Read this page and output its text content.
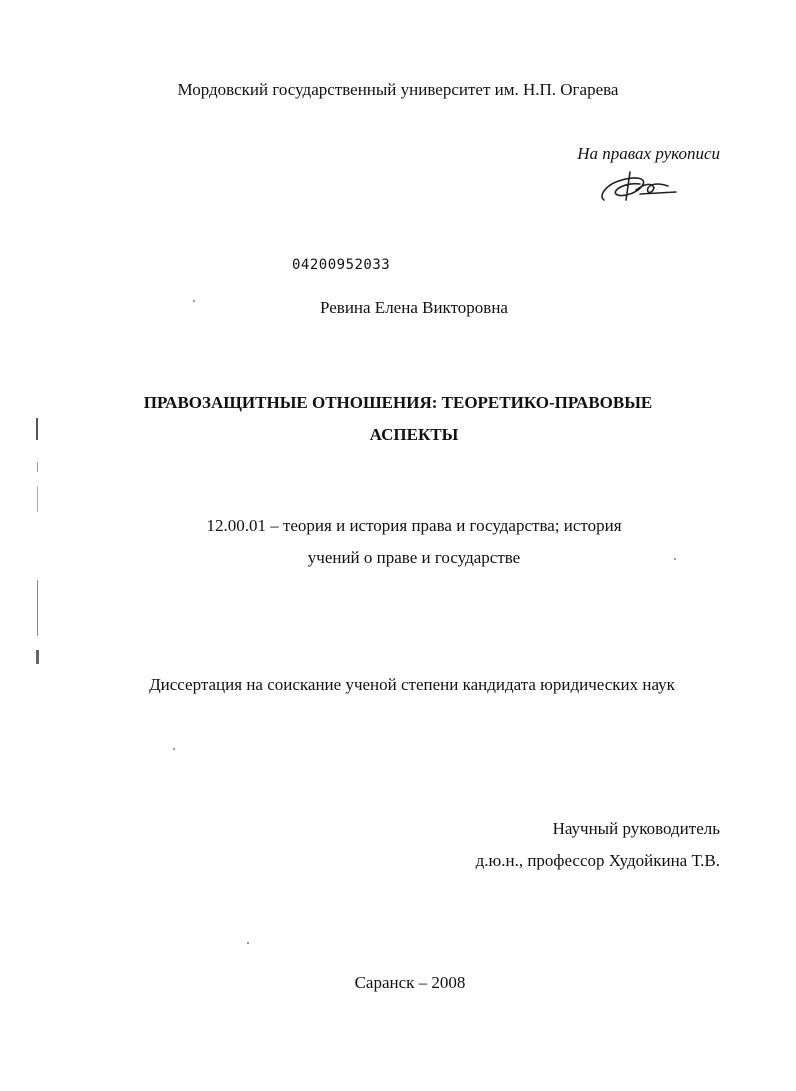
Мордовский государственный университет им. Н.П. Огарева
На правах рукописи
04200952033
Ревина Елена Викторовна
ПРАВОЗАЩИТНЫЕ ОТНОШЕНИЯ: ТЕОРЕТИКО-ПРАВОВЫЕ
АСПЕКТЫ
12.00.01 – теория и история права и государства; история
учений о праве и государстве
Диссертация на соискание ученой степени кандидата юридических наук
Научный руководитель
д.ю.н., профессор Худойкина Т.В.
Саранск – 2008
